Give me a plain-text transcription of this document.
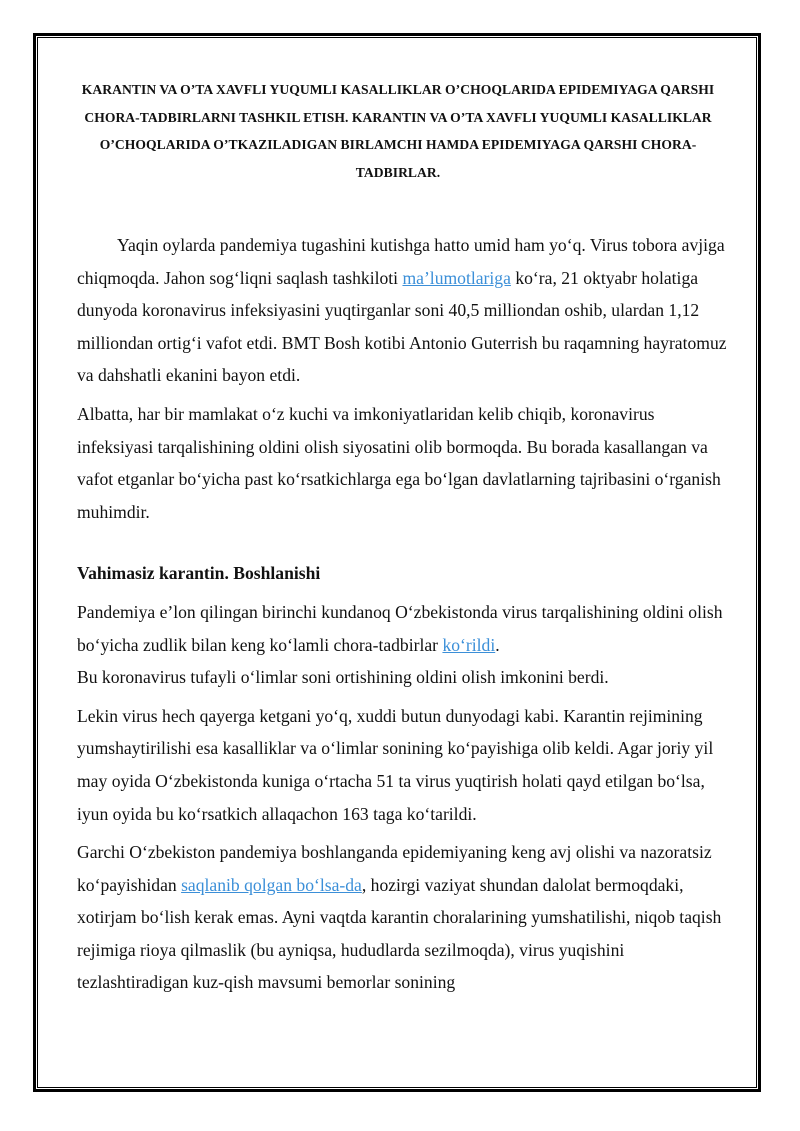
KARANTIN VA O’TA XAVFLI YUQUMLI KASALLIKLAR O’CHOQLARIDA EPIDEMIYAGA QARSHI CHORA-TADBIRLARNI TASHKIL ETISH. KARANTIN VA O’TA XAVFLI YUQUMLI KASALLIKLAR O’CHOQLARIDA O’TKAZILADIGAN BIRLAMCHI HAMDA EPIDEMIYAGA QARSHI CHORA-TADBIRLAR.

Yaqin oylarda pandemiya tugashini kutishga hatto umid ham yo‘q. Virus tobora avjiga chiqmoqda. Jahon sog‘liqni saqlash tashkiloti ma’lumotlariga ko‘ra, 21 oktyabr holatiga dunyoda koronavirus infeksiyasini yuqtirganlar soni 40,5 milliondan oshib, ulardan 1,12 milliondan ortig‘i vafot etdi. BMT Bosh kotibi Antonio Guterrish bu raqamning hayratomuz va dahshatli ekanini bayon etdi.

Albatta, har bir mamlakat o‘z kuchi va imkoniyatlaridan kelib chiqib, koronavirus infeksiyasi tarqalishining oldini olish siyosatini olib bormoqda. Bu borada kasallangan va vafot etganlar bo‘yicha past ko‘rsatkichlarga ega bo‘lgan davlatlarning tajribasini o‘rganish muhimdir.

Vahimasiz karantin. Boshlanishi

Pandemiya e’lon qilingan birinchi kundanoq O‘zbekistonda virus tarqalishining oldini olish bo‘yicha zudlik bilan keng ko‘lamli chora-tadbirlar ko‘rildi.
Bu koronavirus tufayli o‘limlar soni ortishining oldini olish imkonini berdi.

Lekin virus hech qayerga ketgani yo‘q, xuddi butun dunyodagi kabi. Karantin rejimining yumshaytirilishi esa kasalliklar va o‘limlar sonining ko‘payishiga olib keldi. Agar joriy yil may oyida O‘zbekistonda kuniga o‘rtacha 51 ta virus yuqtirish holati qayd etilgan bo‘lsa, iyun oyida bu ko‘rsatkich allaqachon 163 taga ko‘tarildi.

Garchi O‘zbekiston pandemiya boshlanganda epidemiyaning keng avj olishi va nazoratsiz ko‘payishidan saqlanib qolgan bo‘lsa-da, hozirgi vaziyat shundan dalolat bermoqdaki, xotirjam bo‘lish kerak emas. Ayni vaqtda karantin choralarining yumshatilishi, niqob taqish rejimiga rioya qilmaslik (bu ayniqsa, hududlarda sezilmoqda), virus yuqishini tezlashtiradigan kuz-qish mavsumi bemorlar sonining
